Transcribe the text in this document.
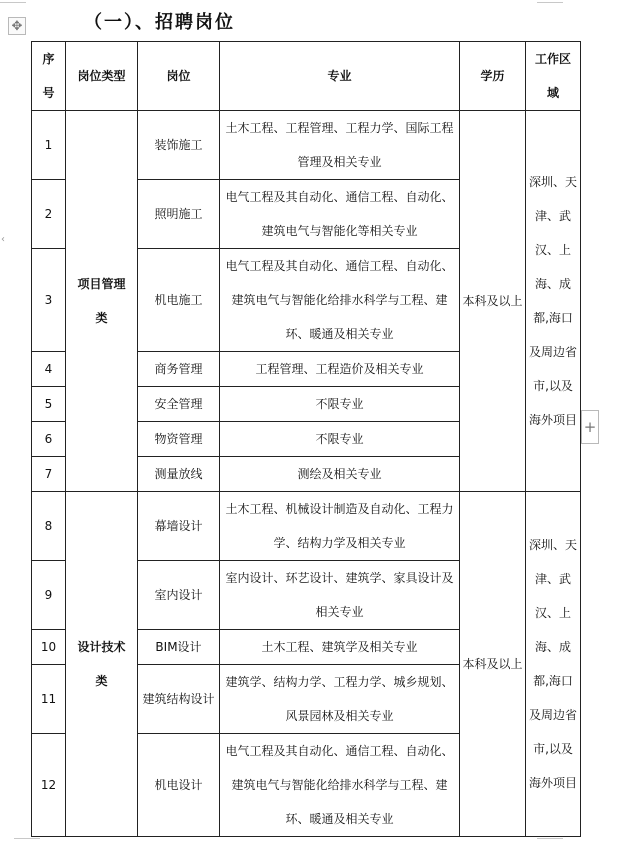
✥
‹
（一）、招聘岗位
序号	岗位类型	岗位	专业	学历	工作区域
1	项目管理类	装饰施工	土木工程、工程管理、工程力学、国际工程管理及相关专业	本科及以上	深圳、天津、武汉、上海、成都,海口及周边省市,以及海外项目
2		照明施工	电气工程及其自动化、通信工程、自动化、建筑电气与智能化等相关专业		
3		机电施工	电气工程及其自动化、通信工程、自动化、建筑电气与智能化给排水科学与工程、建环、暖通及相关专业		
4		商务管理	工程管理、工程造价及相关专业		
5		安全管理	不限专业		
6		物资管理	不限专业		
7		测量放线	测绘及相关专业		
8	设计技术类	幕墙设计	土木工程、机械设计制造及自动化、工程力学、结构力学及相关专业	本科及以上	深圳、天津、武汉、上海、成都,海口及周边省市,以及海外项目
9		室内设计	室内设计、环艺设计、建筑学、家具设计及相关专业		
10		BIM设计	土木工程、建筑学及相关专业		
11		建筑结构设计	建筑学、结构力学、工程力学、城乡规划、风景园林及相关专业		
12		机电设计	电气工程及其自动化、通信工程、自动化、建筑电气与智能化给排水科学与工程、建环、暖通及相关专业		
+
